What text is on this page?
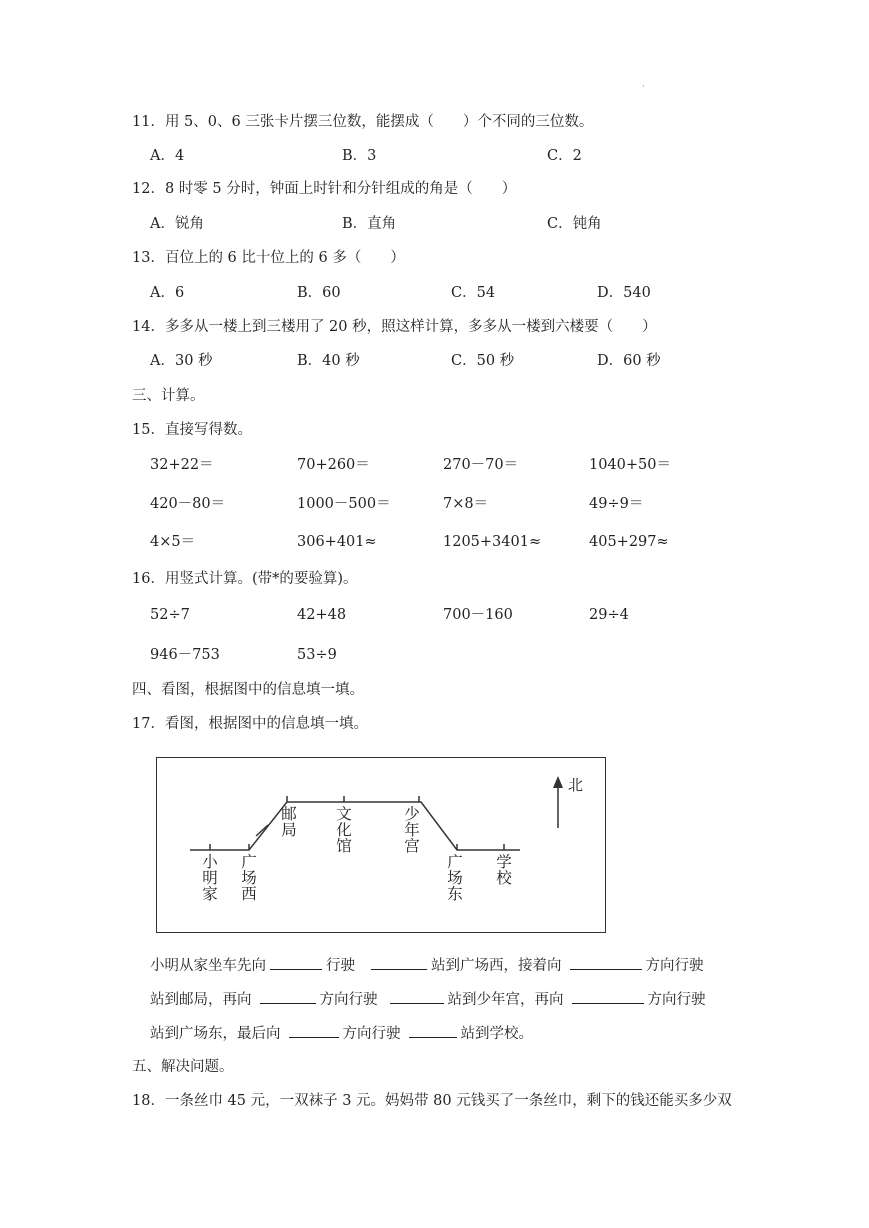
·
11．用 5、0、6 三张卡片摆三位数，能摆成（　　）个不同的三位数。
A．4	B．3	C．2
12．8 时零 5 分时，钟面上时针和分针组成的角是（　　）
A．锐角	B．直角	C．钝角
13．百位上的 6 比十位上的 6 多（　　）
A．6	B．60	C．54	D．540
14．多多从一楼上到三楼用了 20 秒，照这样计算，多多从一楼到六楼要（　　）
A．30 秒	B．40 秒	C．50 秒	D．60 秒
三、计算。
15．直接写得数。
32+22＝	70+260＝	270－70＝	1040+50＝
420－80＝	1000－500＝	7×8＝	49÷9＝
4×5＝	306+401≈	1205+3401≈	405+297≈
16．用竖式计算。(带*的要验算)。
52÷7	42+48	700－160	29÷4
946－753	53÷9
四、看图，根据图中的信息填一填。
17．看图，根据图中的信息填一填。
北
小明家
广场西
邮局
文化馆
少年宫
广场东
学校
小明从家坐车先向	行驶	站到广场西，接着向	方向行驶
站到邮局，再向	方向行驶	站到少年宫，再向	方向行驶
站到广场东，最后向	方向行驶	站到学校。
五、解决问题。
18．一条丝巾 45 元，一双袜子 3 元。妈妈带 80 元钱买了一条丝巾，剩下的钱还能买多少双
